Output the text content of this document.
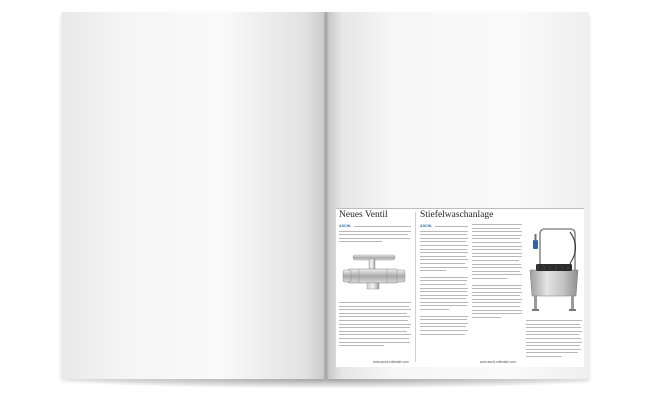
Neues Ventil
ASCHL
www.aschl-edelstahl.com
Stiefelwaschanlage
ASCHL
www.aschl-edelstahl.com
